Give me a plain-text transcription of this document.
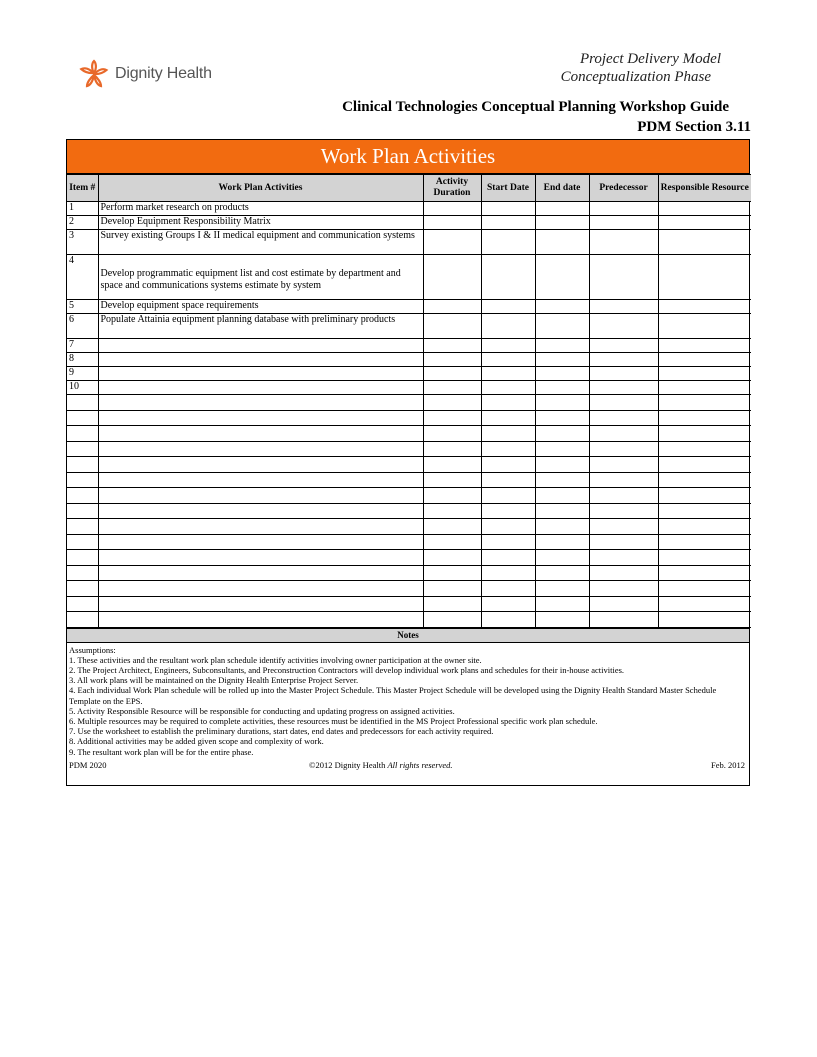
Dignity Health
Project Delivery Model
Conceptualization Phase
Clinical Technologies Conceptual Planning Workshop Guide
PDM Section 3.11
Work Plan Activities
Item #	Work Plan Activities	Activity Duration	Start Date	End date	Predecessor	Responsible Resource
1	Perform market research on products					
2	Develop Equipment Responsibility Matrix					
3	Survey existing Groups I & II medical equipment and communication systems					
4	Develop programmatic equipment list and cost estimate by department and space and communications systems estimate by system					
5	Develop equipment space requirements					
6	Populate Attainia equipment planning database with preliminary products					
7						
8						
9						
10						

Notes
Assumptions:
1. These activities and the resultant work plan schedule identify activities involving owner participation at the owner site.
2. The Project Architect, Engineers, Subconsultants, and Preconstruction Contractors will develop individual work plans and schedules for their in-house activities.
3. All work plans will be maintained on the Dignity Health Enterprise Project Server.
4. Each individual Work Plan schedule will be rolled up into the Master Project Schedule. This Master Project Schedule will be developed using the Dignity Health Standard Master Schedule Template on the EPS.
5. Activity Responsible Resource will be responsible for conducting and updating progress on assigned activities.
6. Multiple resources may be required to complete activities, these resources must be identified in the MS Project Professional specific work plan schedule.
7. Use the worksheet to establish the preliminary durations, start dates, end dates and predecessors for each activity required.
8. Additional activities may be added given scope and complexity of work.
9. The resultant work plan will be for the entire phase.
PDM 2020	©2012 Dignity Health All rights reserved.	Feb. 2012
